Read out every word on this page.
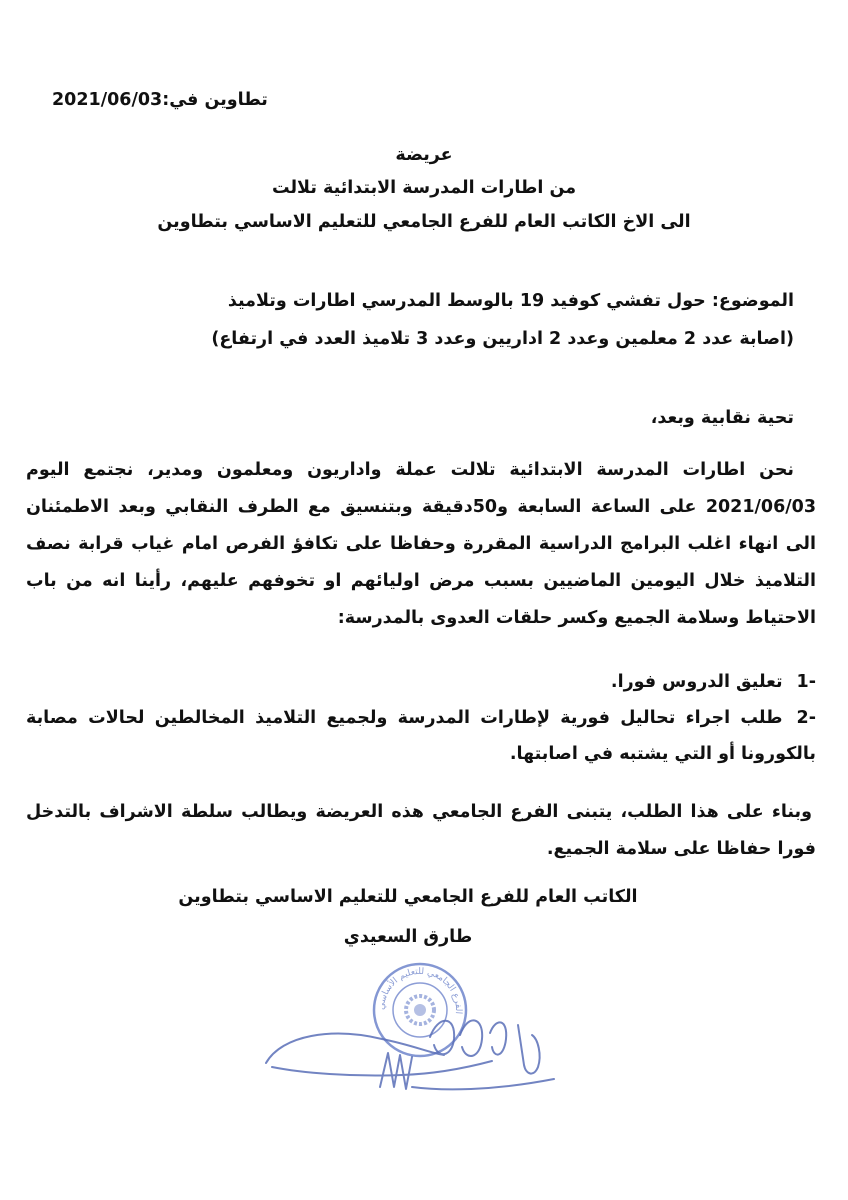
تطاوين في:2021/06/03
عريضة
من اطارات المدرسة الابتدائية تلالت
الى الاخ الكاتب العام للفرع الجامعي للتعليم الاساسي بتطاوين
الموضوع: حول تفشي كوفيد 19 بالوسط المدرسي اطارات وتلاميذ
(اصابة عدد 2 معلمين وعدد 2 اداريين وعدد 3 تلاميذ العدد في ارتفاع)
تحية نقابية وبعد،
نحن اطارات المدرسة الابتدائية تلالت عملة واداريون ومعلمون ومدير، نجتمع اليوم 2021/06/03 على الساعة السابعة و50دقيقة وبتنسيق مع الطرف النقابي وبعد الاطمئنان الى انهاء اغلب البرامج الدراسية المقررة وحفاظا على تكافؤ الفرص امام غياب قرابة نصف التلاميذ خلال اليومين الماضيين بسبب مرض اوليائهم او تخوفهم عليهم، رأينا انه من باب الاحتياط وسلامة الجميع وكسر حلقات العدوى بالمدرسة:
-1تعليق الدروس فورا.
-2طلب اجراء تحاليل فورية لإطارات المدرسة ولجميع التلاميذ المخالطين لحالات مصابة بالكورونا أو التي يشتبه في اصابتها.
وبناء على هذا الطلب، يتبنى الفرع الجامعي هذه العريضة ويطالب سلطة الاشراف بالتدخل فورا حفاظا على سلامة الجميع.
الكاتب العام للفرع الجامعي للتعليم الاساسي بتطاوين
طارق السعيدي
الفرع الجامعي للتعليم الأساسي
